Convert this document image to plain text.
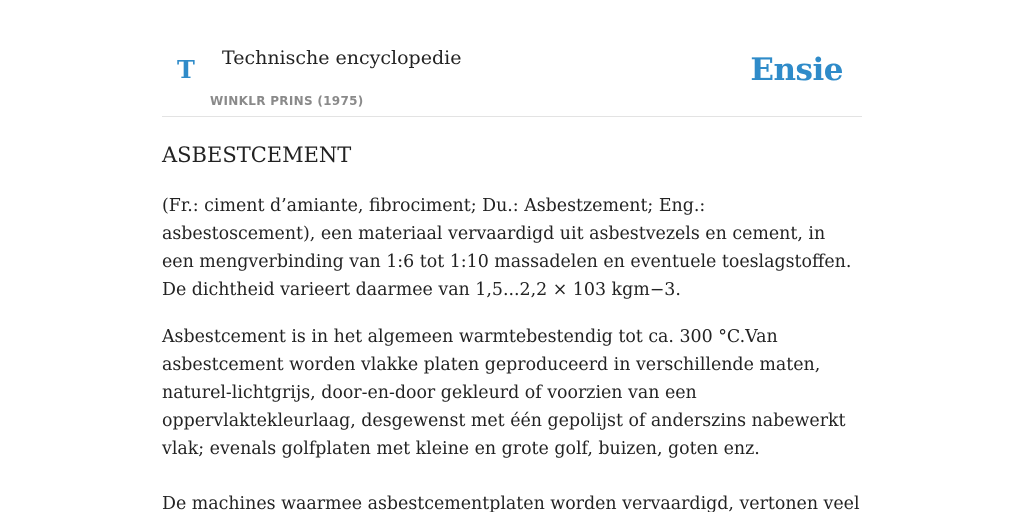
T Technische encyclopedie
WINKLR PRINS (1975)
Ensie
ASBESTCEMENT

(Fr.: ciment d’amiante, fibrociment; Du.: Asbestzement; Eng.: asbestoscement), een materiaal vervaardigd uit asbestvezels en cement, in een mengverbinding van 1:6 tot 1:10 massadelen en eventuele toeslagstoffen. De dichtheid varieert daarmee van 1,5...2,2 × 103 kgm−3.

Asbestcement is in het algemeen warmtebestendig tot ca. 300 °C.Van asbestcement worden vlakke platen geproduceerd in verschillende maten, naturel-lichtgrijs, door-en-door gekleurd of voorzien van een oppervlaktekleurlaag, desgewenst met één gepolijst of anderszins nabewerkt vlak; evenals golfplaten met kleine en grote golf, buizen, goten enz.

De machines waarmee asbestcementplaten worden vervaardigd, vertonen veel
